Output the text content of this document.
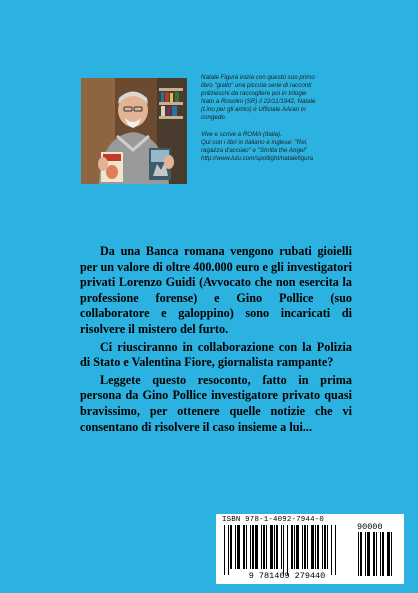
Natale Figura inizia con questo suo primo

libro "giallo" una piccola serie di racconti

polizieschi da raccogliere poi in trilogie

Nato a Rosolini (SR) il 22/11/1942, Natale

(Lino per gli amici) è Ufficiale AAran in

congedo.

Vive e scrive a ROMA (Italia).

Qui con i libri in italiano e inglese: "Rei,

ragazza d'acciaio" e "Shrilla the Angel"

http://www.lulu.com/spotlight/natalefigura

Da una Banca romana vengono rubati gioielli per un valore di oltre 400.000 euro e gli investigatori privati Lorenzo Guidi (Avvocato che non esercita la professione forense) e Gino Pollice (suo collaboratore e galoppino) sono incaricati di risolvere il mistero del furto.

Ci riusciranno in collaborazione con la Polizia di Stato e Valentina Fiore, giornalista rampante?

Leggete questo resoconto, fatto in prima persona da Gino Pollice investigatore privato quasi bravissimo, per ottenere quelle notizie che vi consentano di risolvere il caso insieme a lui...

ISBN 978-1-4092-7944-0
90000
9 781409 279440
